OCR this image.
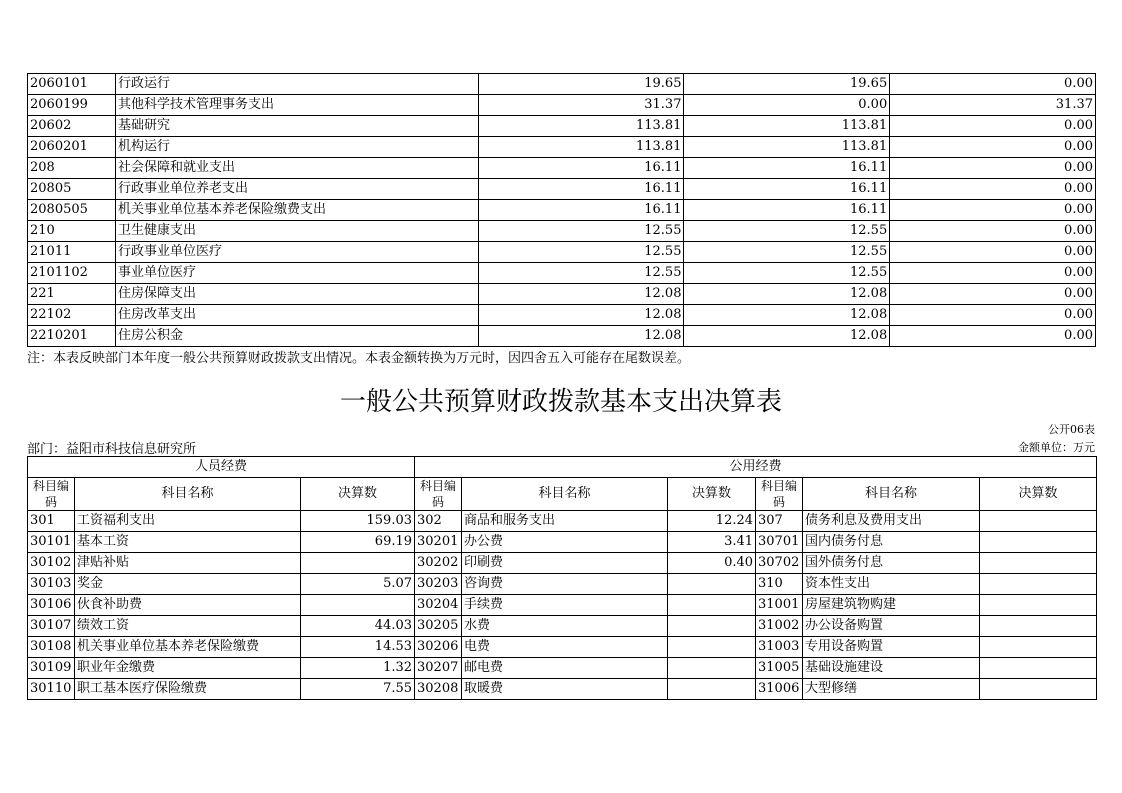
2060101	行政运行	19.65	19.65	0.00
2060199	其他科学技术管理事务支出	31.37	0.00	31.37
20602	基础研究	113.81	113.81	0.00
2060201	机构运行	113.81	113.81	0.00
208	社会保障和就业支出	16.11	16.11	0.00
20805	行政事业单位养老支出	16.11	16.11	0.00
2080505	机关事业单位基本养老保险缴费支出	16.11	16.11	0.00
210	卫生健康支出	12.55	12.55	0.00
21011	行政事业单位医疗	12.55	12.55	0.00
2101102	事业单位医疗	12.55	12.55	0.00
221	住房保障支出	12.08	12.08	0.00
22102	住房改革支出	12.08	12.08	0.00
2210201	住房公积金	12.08	12.08	0.00
注：本表反映部门本年度一般公共预算财政拨款支出情况。本表金额转换为万元时，因四舍五入可能存在尾数误差。
一般公共预算财政拨款基本支出决算表
公开06表
部门：益阳市科技信息研究所	金额单位：万元
人员经费			公用经费					
科目编码	科目名称	决算数	科目编码	科目名称	决算数	科目编码	科目名称	决算数
301	工资福利支出	159.03	302	商品和服务支出	12.24	307	债务利息及费用支出	
30101	基本工资	69.19	30201	办公费	3.41	30701	国内债务付息	
30102	津贴补贴		30202	印刷费	0.40	30702	国外债务付息	
30103	奖金	5.07	30203	咨询费		310	资本性支出	
30106	伙食补助费		30204	手续费		31001	房屋建筑物购建	
30107	绩效工资	44.03	30205	水费		31002	办公设备购置	
30108	机关事业单位基本养老保险缴费	14.53	30206	电费		31003	专用设备购置	
30109	职业年金缴费	1.32	30207	邮电费		31005	基础设施建设	
30110	职工基本医疗保险缴费	7.55	30208	取暖费		31006	大型修缮	
